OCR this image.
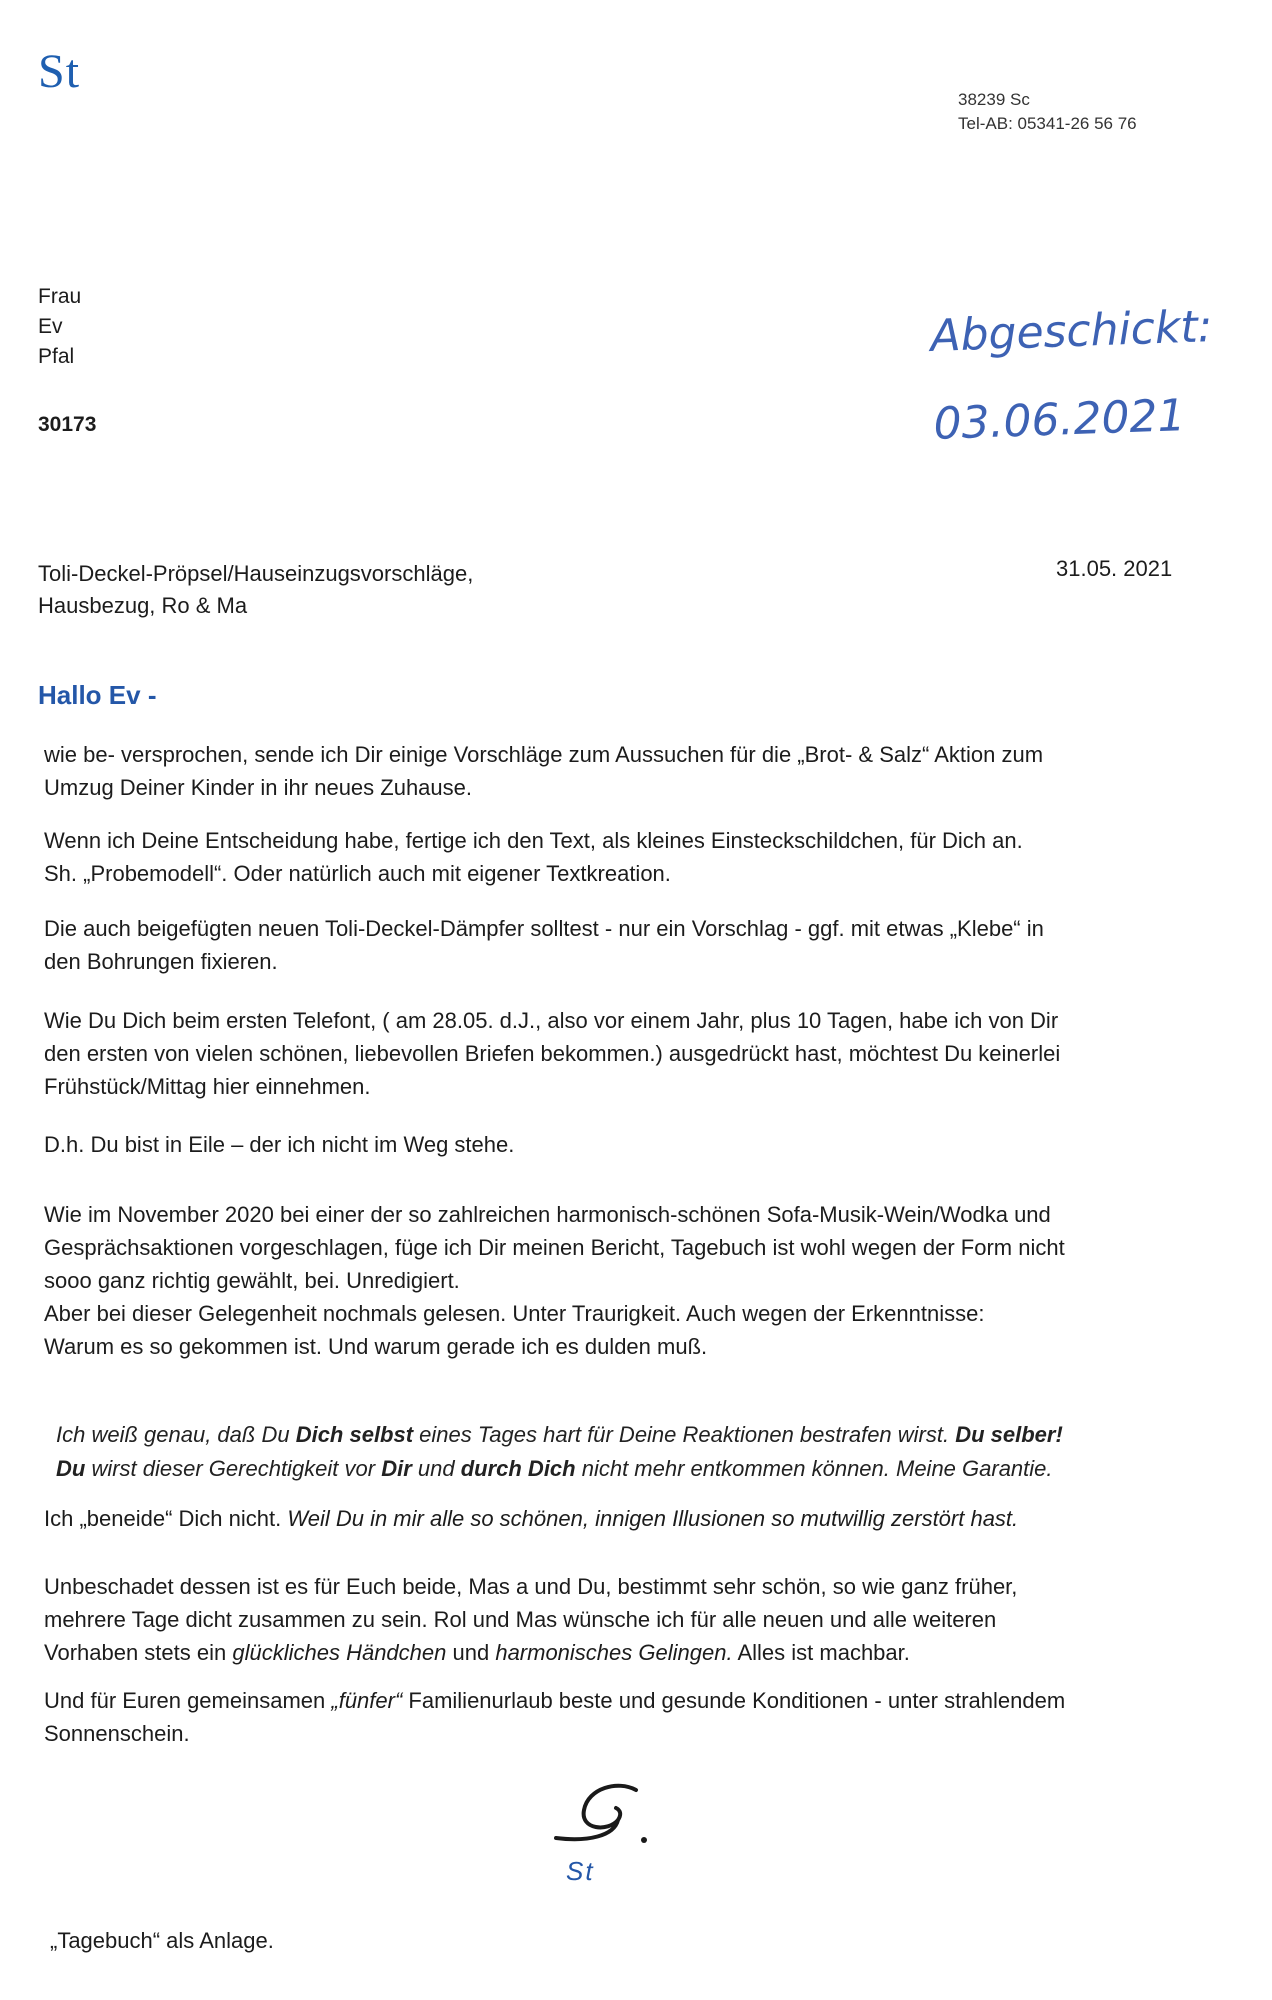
St
38239 Sc
Tel-AB: 05341-26 56 76
Frau
Ev
Pfal
30173
Abgeschickt:
03.06.2021
Toli-Deckel-Pröpsel/Hauseinzugsvorschläge,
Hausbezug, Ro & Ma
31.05. 2021
Hallo Ev -
wie be- versprochen, sende ich Dir einige Vorschläge zum Aussuchen für die „Brot- & Salz“ Aktion zum
Umzug Deiner Kinder in ihr neues Zuhause.
Wenn ich Deine Entscheidung habe, fertige ich den Text, als kleines Einsteckschildchen, für Dich an.
Sh. „Probemodell“. Oder natürlich auch mit eigener Textkreation.
Die auch beigefügten neuen Toli-Deckel-Dämpfer solltest - nur ein Vorschlag - ggf. mit etwas „Klebe“ in
den Bohrungen fixieren.
Wie Du Dich beim ersten Telefont, ( am 28.05. d.J., also vor einem Jahr, plus 10 Tagen, habe ich von Dir
den ersten von vielen schönen, liebevollen Briefen bekommen.) ausgedrückt hast, möchtest Du keinerlei
Frühstück/Mittag hier einnehmen.
D.h. Du bist in Eile – der ich nicht im Weg stehe.
Wie im November 2020 bei einer der so zahlreichen harmonisch-schönen Sofa-Musik-Wein/Wodka und
Gesprächsaktionen vorgeschlagen, füge ich Dir meinen Bericht, Tagebuch ist wohl wegen der Form nicht
sooo ganz richtig gewählt, bei. Unredigiert.
Aber bei dieser Gelegenheit nochmals gelesen. Unter Traurigkeit. Auch wegen der Erkenntnisse:
Warum es so gekommen ist. Und warum gerade ich es dulden muß.
Ich weiß genau, daß Du Dich selbst eines Tages hart für Deine Reaktionen bestrafen wirst. Du selber!
Du wirst dieser Gerechtigkeit vor Dir und durch Dich nicht mehr entkommen können. Meine Garantie.
Ich „beneide“ Dich nicht. Weil Du in mir alle so schönen, innigen Illusionen so mutwillig zerstört hast.
Unbeschadet dessen ist es für Euch beide, Mas a und Du, bestimmt sehr schön, so wie ganz früher,
mehrere Tage dicht zusammen zu sein. Rol und Mas wünsche ich für alle neuen und alle weiteren
Vorhaben stets ein glückliches Händchen und harmonisches Gelingen. Alles ist machbar.
Und für Euren gemeinsamen „fünfer“ Familienurlaub beste und gesunde Konditionen - unter strahlendem
Sonnenschein.
St
„Tagebuch“ als Anlage.
